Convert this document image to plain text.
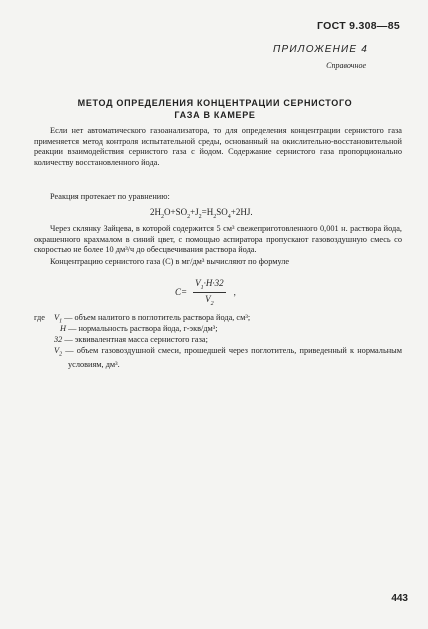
ГОСТ 9.308—85
ПРИЛОЖЕНИЕ 4
Справочное
МЕТОД ОПРЕДЕЛЕНИЯ КОНЦЕНТРАЦИИ СЕРНИСТОГО
ГАЗА В КАМЕРЕ
Если нет автоматического газоанализатора, то для определения концентрации сернистого газа применяется метод контроля испытательной среды, основанный на окислительно-восстановительной реакции взаимодействия сернистого газа с йодом. Содержание сернистого газа пропорционально количеству восстановленного йода.
Реакция протекает по уравнению:
$2H_2O+SO_2+J_2=H_2SO_4+2HJ$.
Через склянку Зайцева, в которой содержится 5 см³ свежеприготовленного 0,001 н. раствора йода, окрашенного крахмалом в синий цвет, с помощью аспиратора пропускают газовоздушную смесь со скоростью не более 10 дм³/ч до обесцвечивания раствора йода.
Концентрацию сернистого газа (C) в мг/дм³ вычисляют по формуле
$C= \frac{V_1\cdot H\cdot 32}{V_2}$ ,
где $V_1$ — объем налитого в поглотитель раствора йода, см³;
H — нормальность раствора йода, г-экв/дм³;
32 — эквивалентная масса сернистого газа;
$V_2$ — объем газовоздушной смеси, прошедшей через поглотитель, приведенный к нормальным условиям, дм³.
443
